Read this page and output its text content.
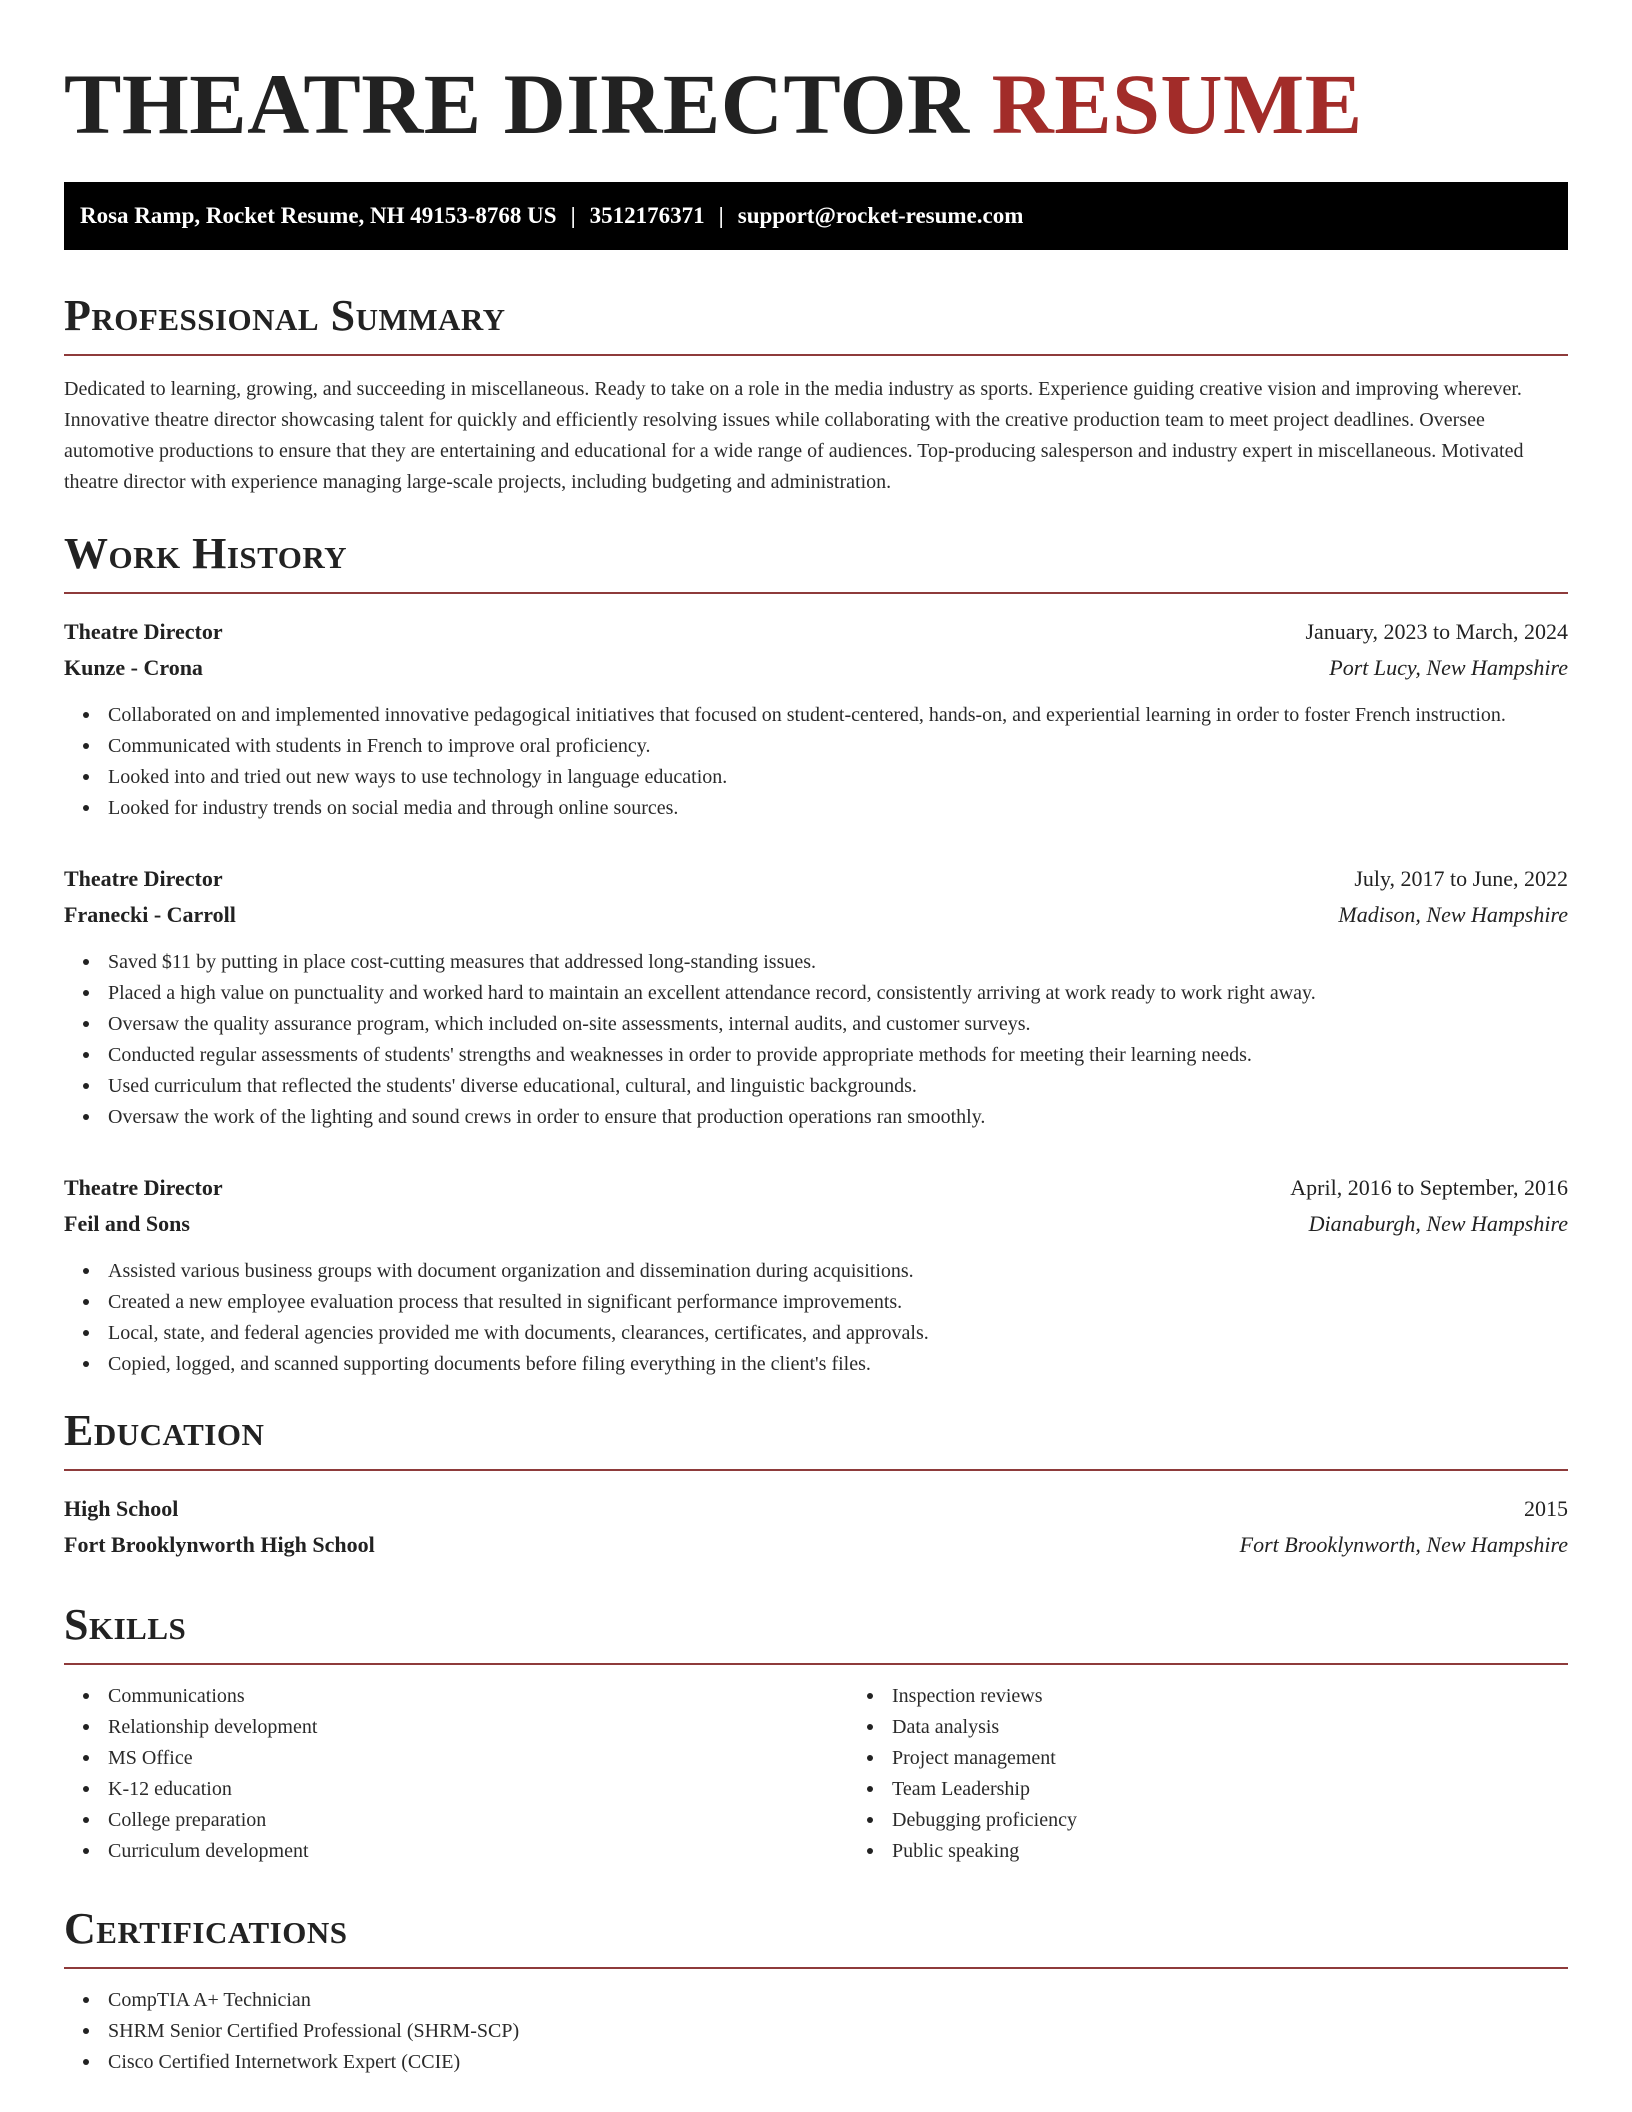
THEATRE DIRECTOR RESUME
Rosa Ramp, Rocket Resume, NH 49153-8768 US | 3512176371 | support@rocket-resume.com
Professional Summary

Dedicated to learning, growing, and succeeding in miscellaneous. Ready to take on a role in the media industry as sports. Experience guiding creative vision and improving wherever. Innovative theatre director showcasing talent for quickly and efficiently resolving issues while collaborating with the creative production team to meet project deadlines. Oversee automotive productions to ensure that they are entertaining and educational for a wide range of audiences. Top-producing salesperson and industry expert in miscellaneous. Motivated theatre director with experience managing large-scale projects, including budgeting and administration.

Work History
Theatre Director	January, 2023 to March, 2024
Kunze - Crona	Port Lucy, New Hampshire
Collaborated on and implemented innovative pedagogical initiatives that focused on student-centered, hands-on, and experiential learning in order to foster French instruction.
Communicated with students in French to improve oral proficiency.
Looked into and tried out new ways to use technology in language education.
Looked for industry trends on social media and through online sources.
Theatre Director	July, 2017 to June, 2022
Franecki - Carroll	Madison, New Hampshire
Saved $11 by putting in place cost-cutting measures that addressed long-standing issues.
Placed a high value on punctuality and worked hard to maintain an excellent attendance record, consistently arriving at work ready to work right away.
Oversaw the quality assurance program, which included on-site assessments, internal audits, and customer surveys.
Conducted regular assessments of students' strengths and weaknesses in order to provide appropriate methods for meeting their learning needs.
Used curriculum that reflected the students' diverse educational, cultural, and linguistic backgrounds.
Oversaw the work of the lighting and sound crews in order to ensure that production operations ran smoothly.
Theatre Director	April, 2016 to September, 2016
Feil and Sons	Dianaburgh, New Hampshire
Assisted various business groups with document organization and dissemination during acquisitions.
Created a new employee evaluation process that resulted in significant performance improvements.
Local, state, and federal agencies provided me with documents, clearances, certificates, and approvals.
Copied, logged, and scanned supporting documents before filing everything in the client's files.
Education
High School	2015
Fort Brooklynworth High School	Fort Brooklynworth, New Hampshire
Skills
Communications
Relationship development
MS Office
K-12 education
College preparation
Curriculum development
Inspection reviews
Data analysis
Project management
Team Leadership
Debugging proficiency
Public speaking
Certifications
CompTIA A+ Technician
SHRM Senior Certified Professional (SHRM-SCP)
Cisco Certified Internetwork Expert (CCIE)
